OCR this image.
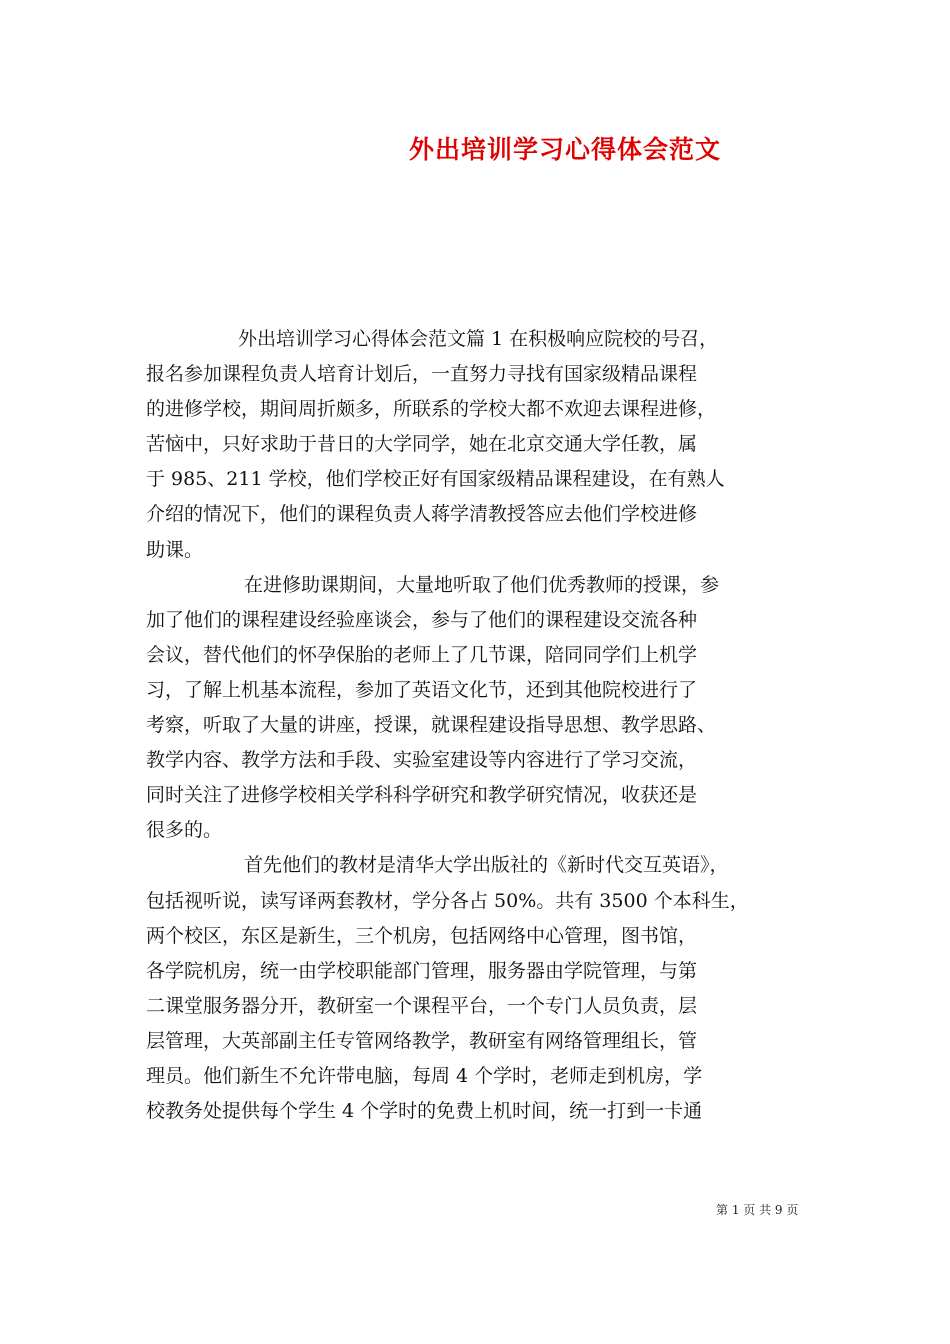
外出培训学习心得体会范文
外出培训学习心得体会范文篇 1 在积极响应院校的号召，
报名参加课程负责人培育计划后，一直努力寻找有国家级精品课程
的进修学校，期间周折颇多，所联系的学校大都不欢迎去课程进修，
苦恼中，只好求助于昔日的大学同学，她在北京交通大学任教，属
于 985、211 学校，他们学校正好有国家级精品课程建设，在有熟人
介绍的情况下，他们的课程负责人蒋学清教授答应去他们学校进修
助课。
在进修助课期间，大量地听取了他们优秀教师的授课，参
加了他们的课程建设经验座谈会，参与了他们的课程建设交流各种
会议，替代他们的怀孕保胎的老师上了几节课，陪同同学们上机学
习，了解上机基本流程，参加了英语文化节，还到其他院校进行了
考察，听取了大量的讲座，授课，就课程建设指导思想、教学思路、
教学内容、教学方法和手段、实验室建设等内容进行了学习交流，
同时关注了进修学校相关学科科学研究和教学研究情况，收获还是
很多的。
首先他们的教材是清华大学出版社的《新时代交互英语》，
包括视听说，读写译两套教材，学分各占 50%。共有 3500 个本科生，
两个校区，东区是新生，三个机房，包括网络中心管理，图书馆，
各学院机房，统一由学校职能部门管理，服务器由学院管理，与第
二课堂服务器分开，教研室一个课程平台，一个专门人员负责，层
层管理，大英部副主任专管网络教学，教研室有网络管理组长，管
理员。他们新生不允许带电脑，每周 4 个学时，老师走到机房，学
校教务处提供每个学生 4 个学时的免费上机时间，统一打到一卡通
第 1 页 共 9 页
